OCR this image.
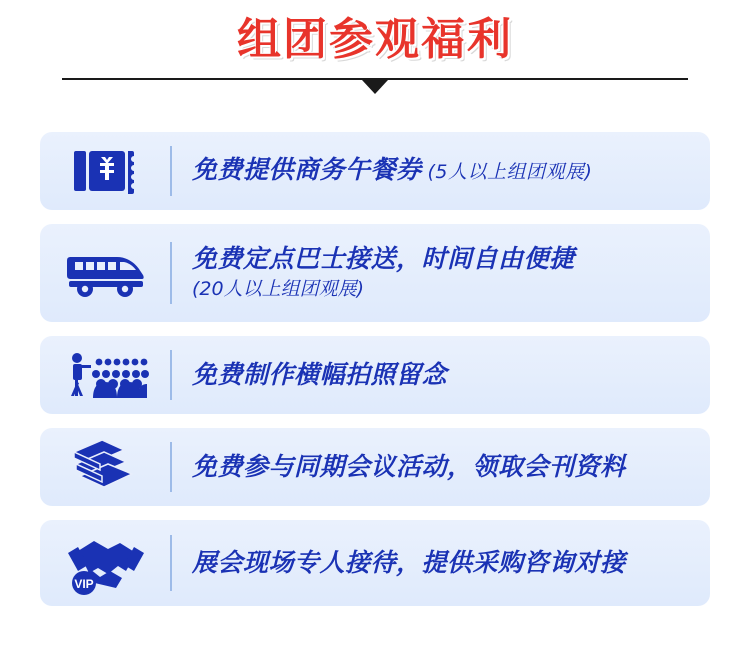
组团参观福利
免费提供商务午餐券 (5人以上组团观展)
免费定点巴士接送，时间自由便捷
(20人以上组团观展)
免费制作横幅拍照留念
免费参与同期会议活动，领取会刊资料
VIP
展会现场专人接待，提供采购咨询对接
